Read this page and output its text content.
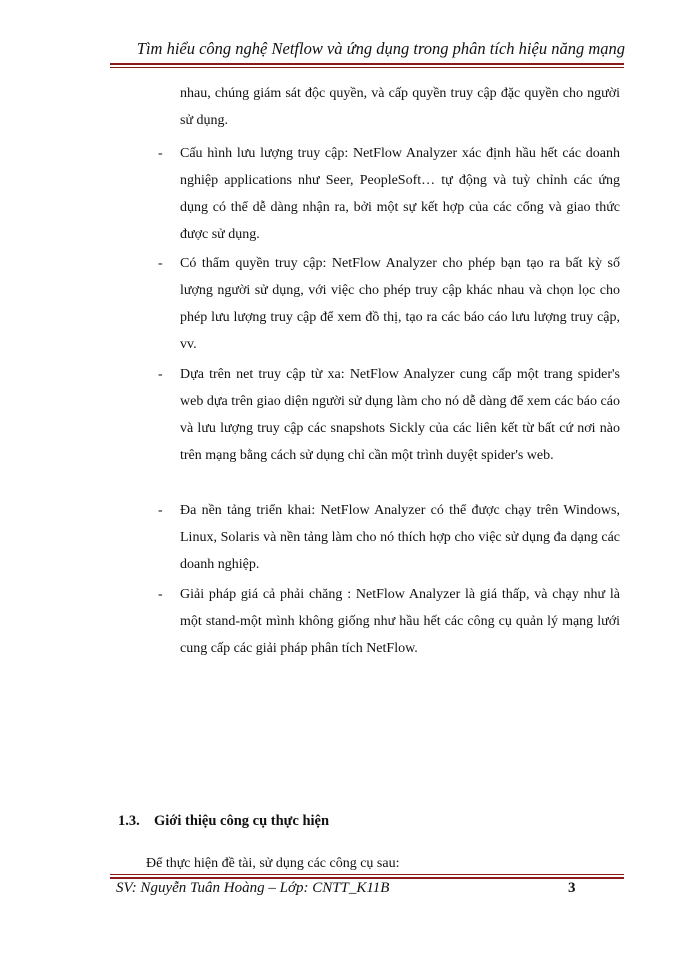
Tìm hiểu công nghệ Netflow và ứng dụng trong phân tích hiệu năng mạng

nhau, chúng giám sát độc quyền, và cấp quyền truy cập đặc quyền cho người sử dụng.

- Cấu hình lưu lượng truy cập: NetFlow Analyzer xác định hầu hết các doanh nghiệp applications như Seer, PeopleSoft… tự động và tuỳ chỉnh các ứng dụng có thể dễ dàng nhận ra, bởi một sự kết hợp của các cổng và giao thức được sử dụng.

- Có thẩm quyền truy cập: NetFlow Analyzer cho phép bạn tạo ra bất kỳ số lượng người sử dụng, với việc cho phép truy cập khác nhau và chọn lọc cho phép lưu lượng truy cập để xem đồ thị, tạo ra các báo cáo lưu lượng truy cập, vv.

- Dựa trên net truy cập từ xa: NetFlow Analyzer cung cấp một trang spider's web dựa trên giao diện người sử dụng làm cho nó dễ dàng để xem các báo cáo và lưu lượng truy cập các snapshots Sickly của các liên kết từ bất cứ nơi nào trên mạng bằng cách sử dụng chỉ cần một trình duyệt spider's web.

- Đa nền tảng triển khai: NetFlow Analyzer có thể được chạy trên Windows, Linux, Solaris và nền tảng làm cho nó thích hợp cho việc sử dụng đa dạng các doanh nghiệp.

- Giải pháp giá cả phải chăng : NetFlow Analyzer là giá thấp, và chạy như là một stand-một mình không giống như hầu hết các công cụ quản lý mạng lưới cung cấp các giải pháp phân tích NetFlow.

1.3. Giới thiệu công cụ thực hiện
Để thực hiện đề tài, sử dụng các công cụ sau:
SV: Nguyễn Tuân Hoàng – Lớp: CNTT_K11B	3
